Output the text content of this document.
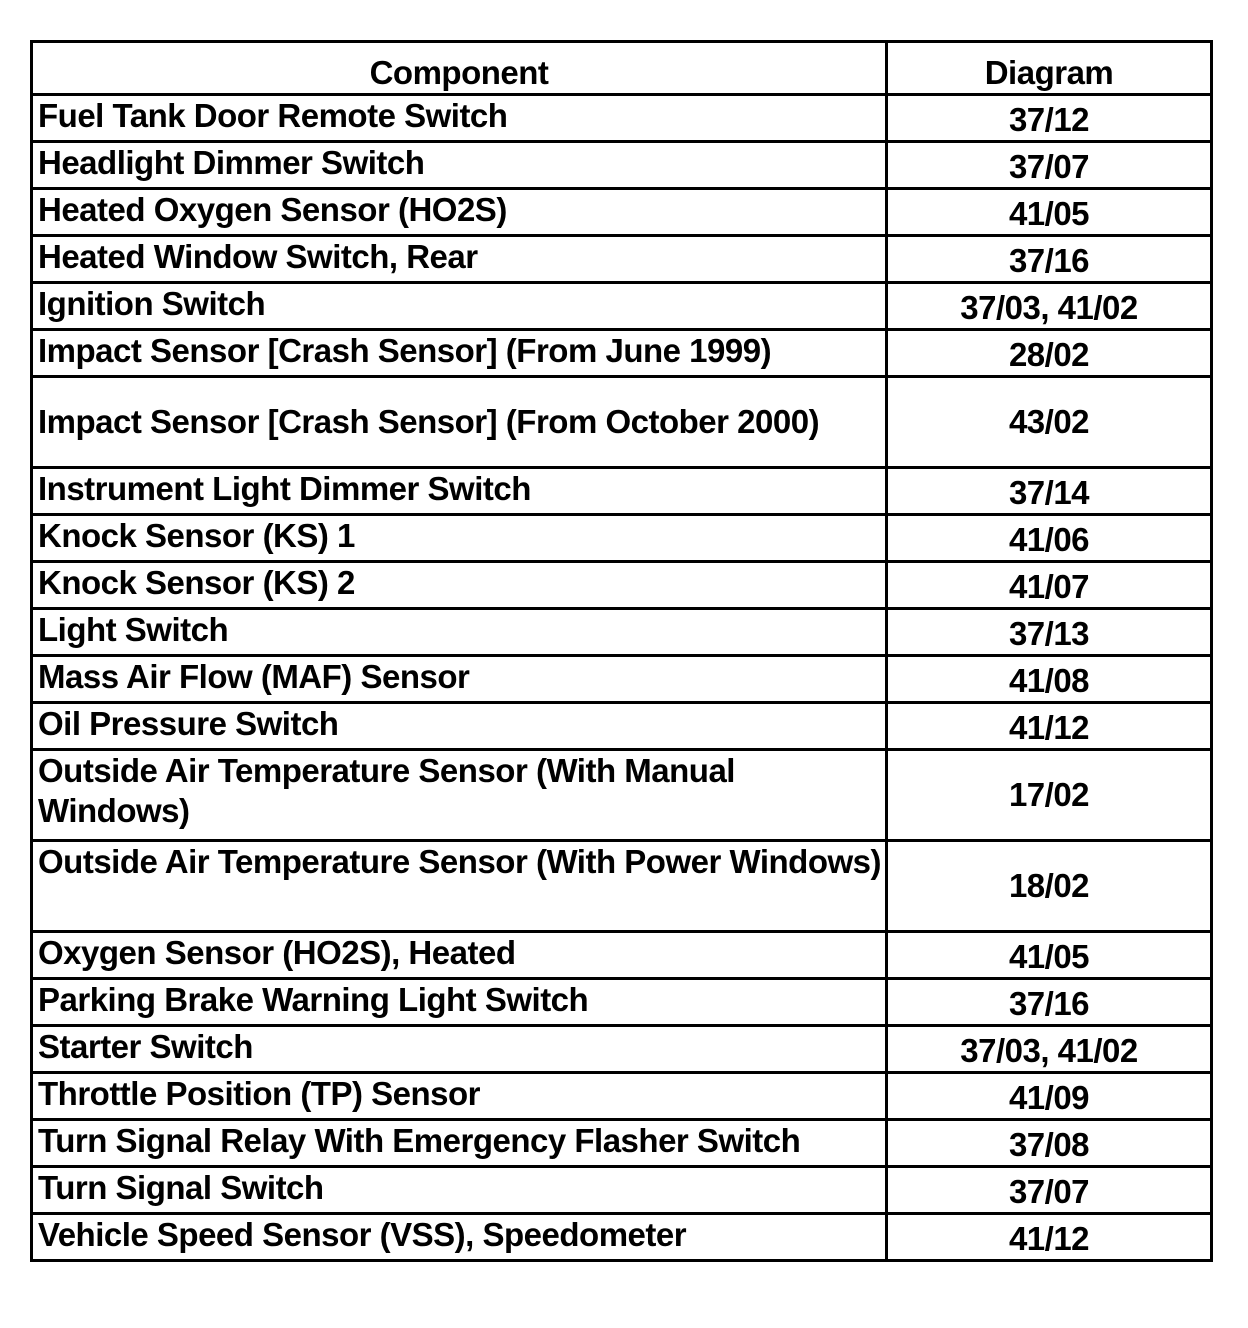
Component	Diagram
Fuel Tank Door Remote Switch	37/12
Headlight Dimmer Switch	37/07
Heated Oxygen Sensor (HO2S)	41/05
Heated Window Switch, Rear	37/16
Ignition Switch	37/03, 41/02
Impact Sensor [Crash Sensor] (From June 1999)	28/02
Impact Sensor [Crash Sensor] (From October 2000)	43/02
Instrument Light Dimmer Switch	37/14
Knock Sensor (KS) 1	41/06
Knock Sensor (KS) 2	41/07
Light Switch	37/13
Mass Air Flow (MAF) Sensor	41/08
Oil Pressure Switch	41/12
Outside Air Temperature Sensor (With Manual Windows)	17/02
Outside Air Temperature Sensor (With Power Windows)	18/02
Oxygen Sensor (HO2S), Heated	41/05
Parking Brake Warning Light Switch	37/16
Starter Switch	37/03, 41/02
Throttle Position (TP) Sensor	41/09
Turn Signal Relay With Emergency Flasher Switch	37/08
Turn Signal Switch	37/07
Vehicle Speed Sensor (VSS), Speedometer	41/12
